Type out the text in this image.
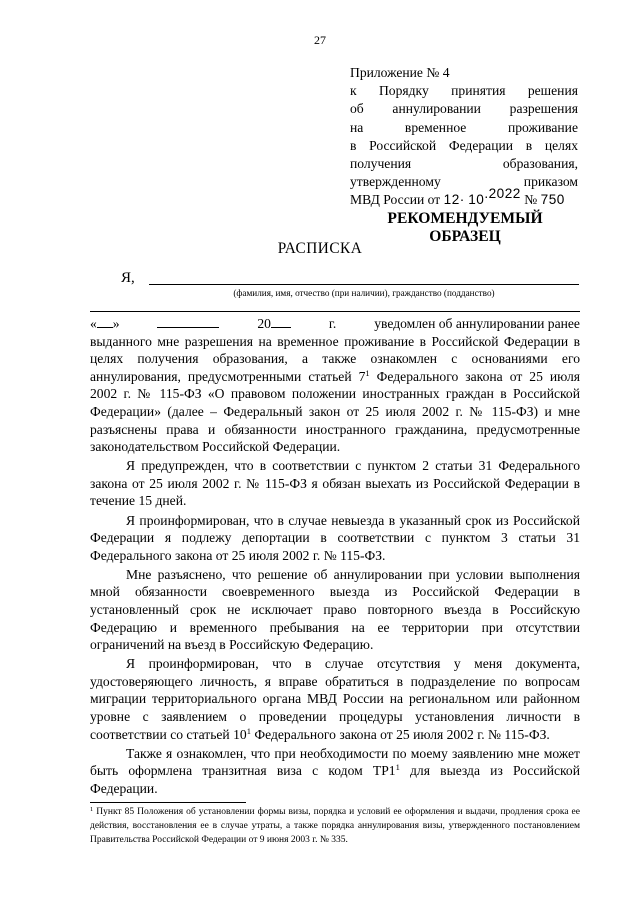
27
Приложение № 4
к Порядку принятия решения
об аннулировании разрешения
на временное проживание
в Российской Федерации в целях
получения образования,
утвержденному приказом
МВД России от 12· 10.2022 № 750
РЕКОМЕНДУЕМЫЙ ОБРАЗЕЦ
РАСПИСКА
Я,
(фамилия, имя, отчество (при наличии), гражданство (подданство)
« »	20	г.	уведомлен об аннулировании ранее

выданного мне разрешения на временное проживание в Российской Федерации в целях получения образования, а также ознакомлен с основаниями его аннулирования, предусмотренными статьей $7^1$ Федерального закона от 25 июля 2002 г. № 115-ФЗ «О правовом положении иностранных граждан в Российской Федерации» (далее – Федеральный закон от 25 июля 2002 г. № 115-ФЗ) и мне разъяснены права и обязанности иностранного гражданина, предусмотренные законодательством Российской Федерации.

Я предупрежден, что в соответствии с пунктом 2 статьи 31 Федерального закона от 25 июля 2002 г. № 115-ФЗ я обязан выехать из Российской Федерации в течение 15 дней.

Я проинформирован, что в случае невыезда в указанный срок из Российской Федерации я подлежу депортации в соответствии с пунктом 3 статьи 31 Федерального закона от 25 июля 2002 г. № 115-ФЗ.

Мне разъяснено, что решение об аннулировании при условии выполнения мной обязанности своевременного выезда из Российской Федерации в установленный срок не исключает право повторного въезда в Российскую Федерацию и временного пребывания на ее территории при отсутствии ограничений на въезд в Российскую Федерацию.

Я проинформирован, что в случае отсутствия у меня документа, удостоверяющего личность, я вправе обратиться в подразделение по вопросам миграции территориального органа МВД России на региональном или районном уровне с заявлением о проведении процедуры установления личности в соответствии со статьей $10^1$ Федерального закона от 25 июля 2002 г. № 115-ФЗ.

Также я ознакомлен, что при необходимости по моему заявлению мне может быть оформлена транзитная виза с кодом $ТР1^1$ для выезда из Российской Федерации.

$^1$ Пункт 85 Положения об установлении формы визы, порядка и условий ее оформления и выдачи, продления срока ее действия, восстановления ее в случае утраты, а также порядка аннулирования визы, утвержденного постановлением Правительства Российской Федерации от 9 июня 2003 г. № 335.
